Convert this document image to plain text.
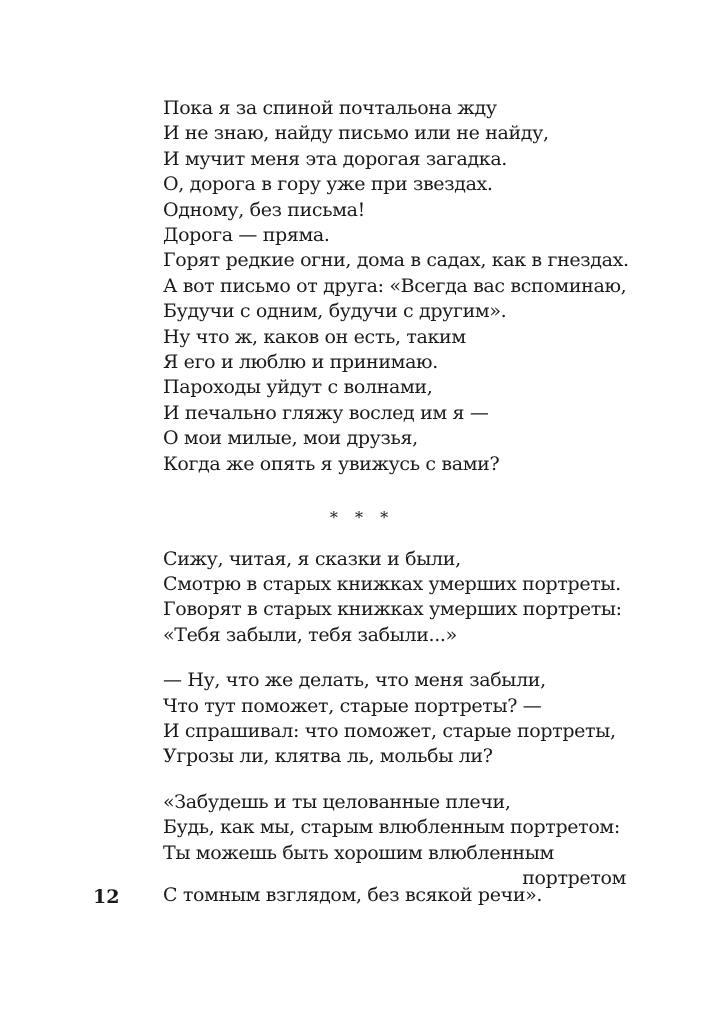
Пока я за спиной почтальона жду
И не знаю, найду письмо или не найду,
И мучит меня эта дорогая загадка.
О, дорога в гору уже при звездах.
Одному, без письма!
Дорога — пряма.
Горят редкие огни, дома в садах, как в гнездах.
А вот письмо от друга: «Всегда вас вспоминаю,
Будучи с одним, будучи с другим».
Ну что ж, каков он есть, таким
Я его и люблю и принимаю.
Пароходы уйдут с волнами,
И печально гляжу вослед им я —
О мои милые, мои друзья,
Когда же опять я увижусь с вами?
* * *
Сижу, читая, я сказки и были,
Смотрю в старых книжках умерших портреты.
Говорят в старых книжках умерших портреты:
«Тебя забыли, тебя забыли...»
— Ну, что же делать, что меня забыли,
Что тут поможет, старые портреты? —
И спрашивал: что поможет, старые портреты,
Угрозы ли, клятва ль, мольбы ли?
«Забудешь и ты целованные плечи,
Будь, как мы, старым влюбленным портретом:
Ты можешь быть хорошим влюбленным
портретом
12 С томным взглядом, без всякой речи».
